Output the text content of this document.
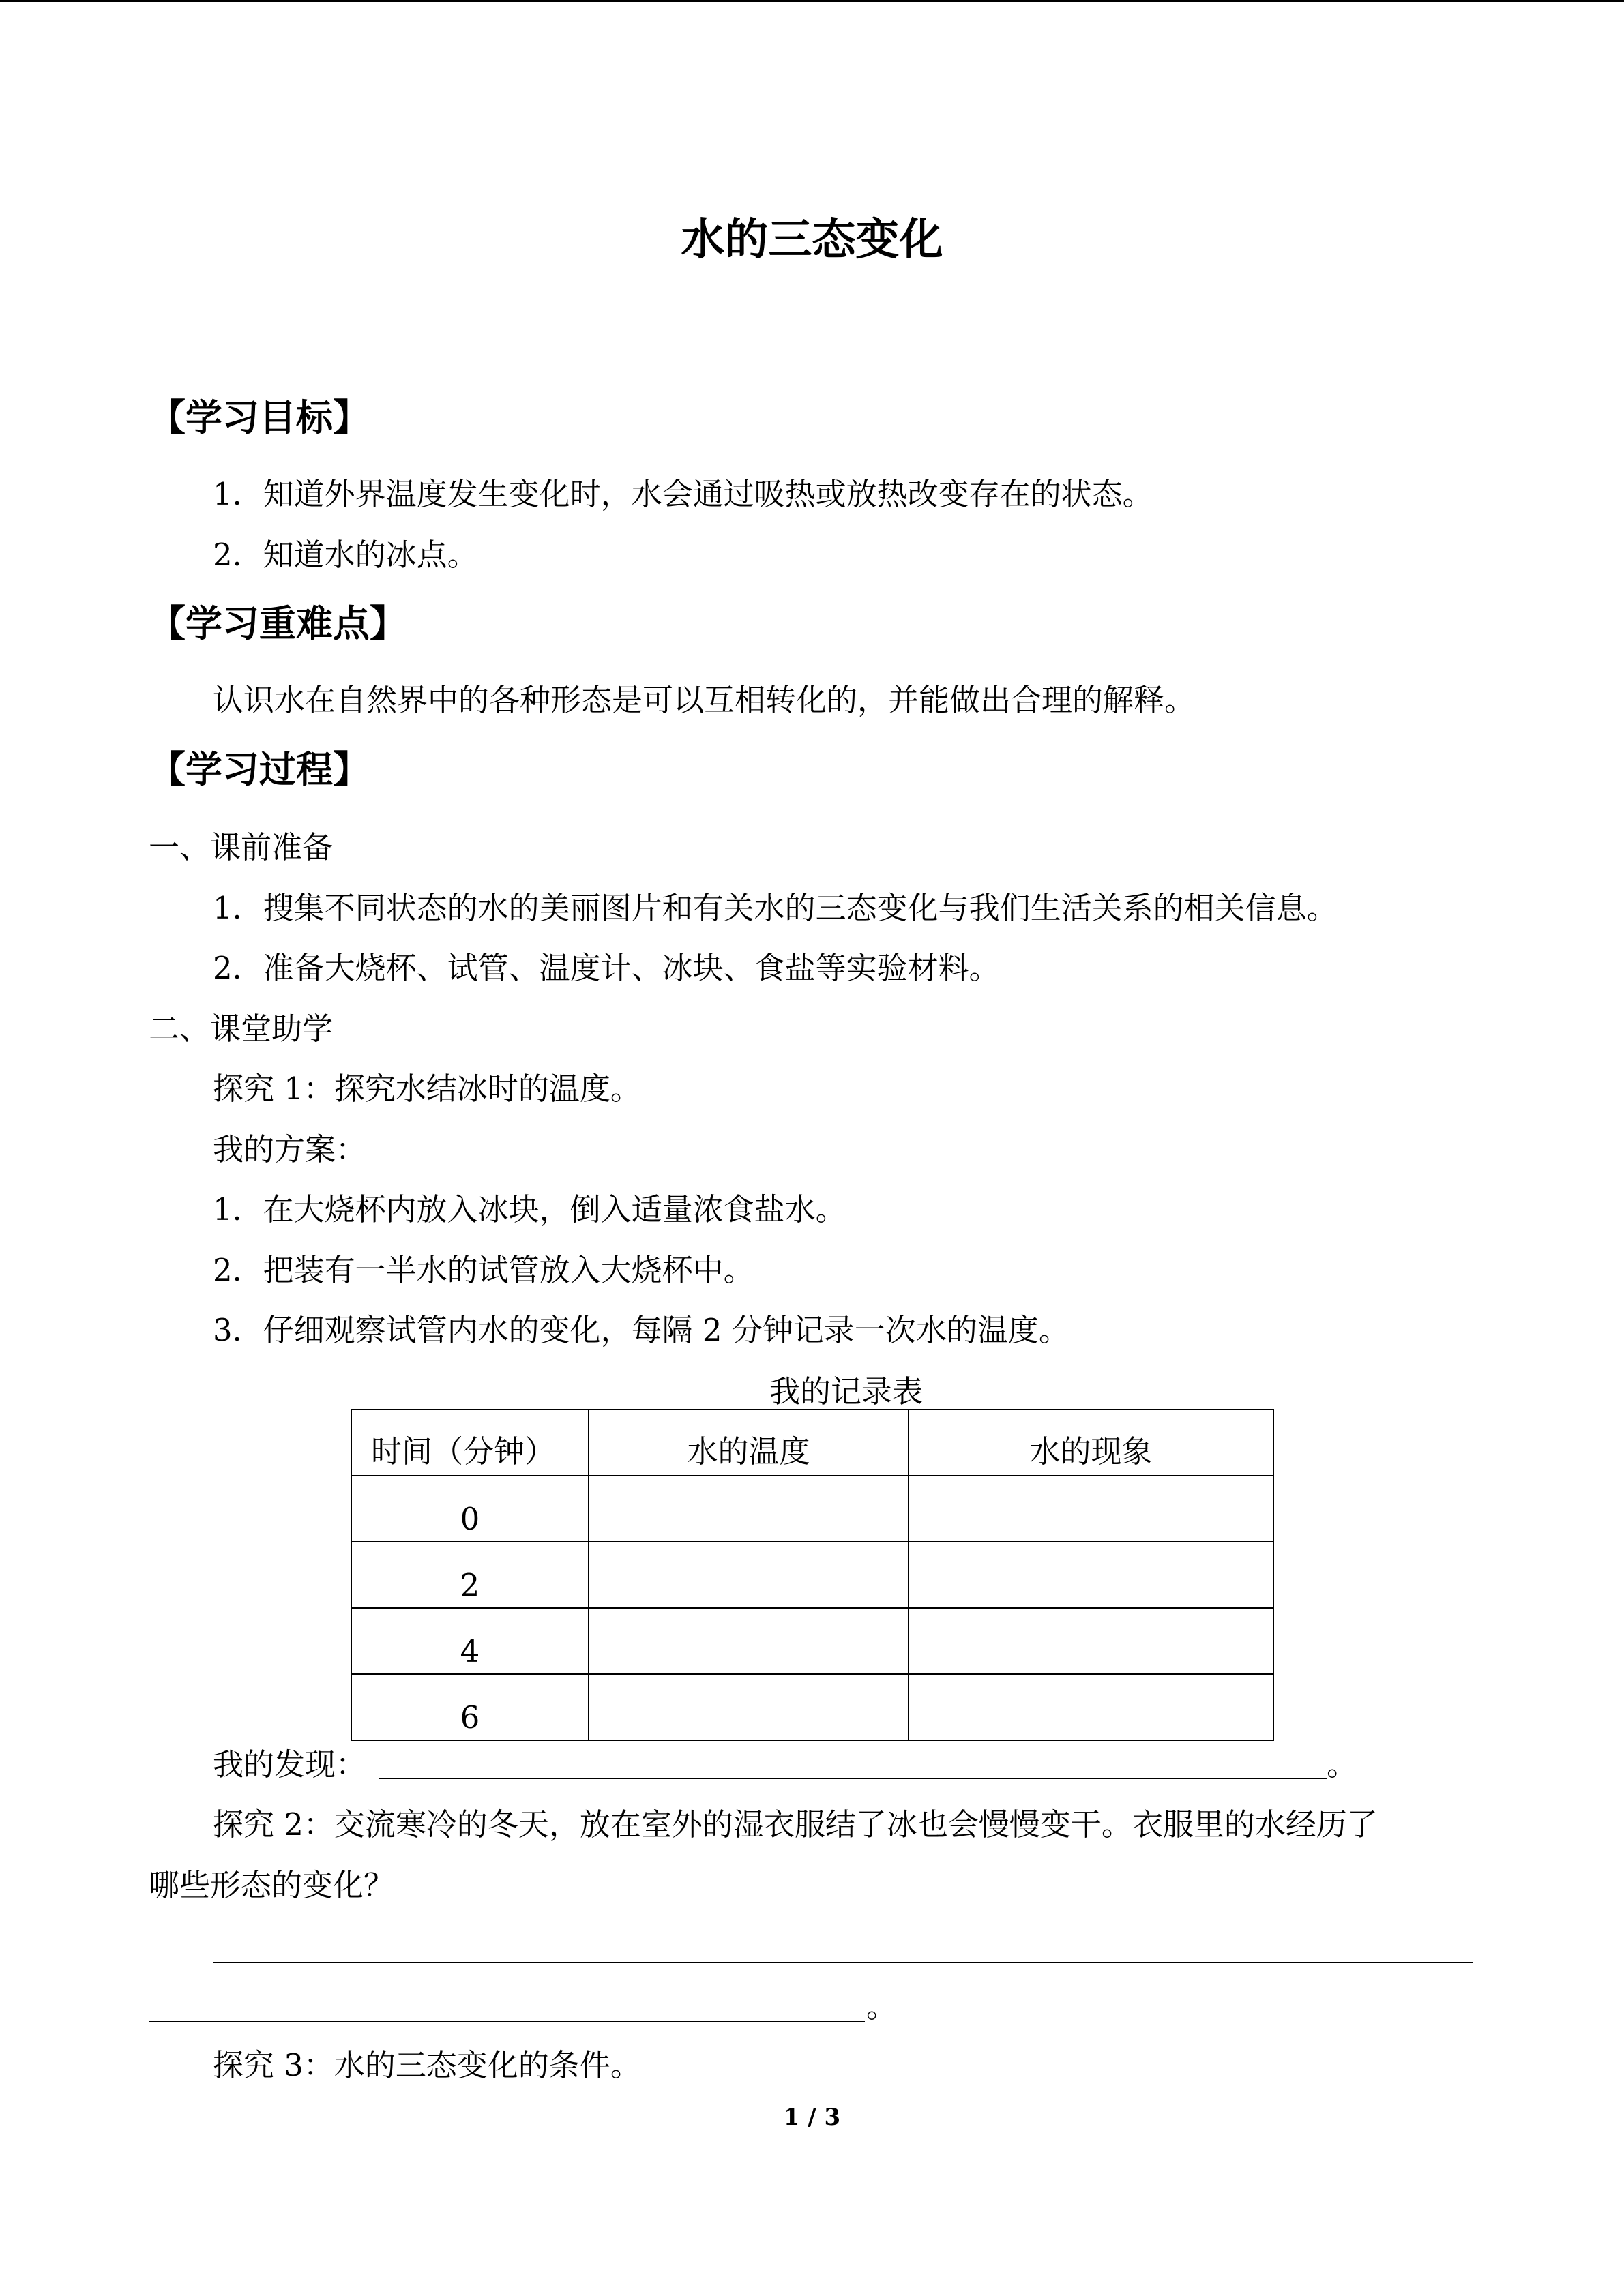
水的三态变化
【学习目标】
1．知道外界温度发生变化时，水会通过吸热或放热改变存在的状态。
2．知道水的冰点。
【学习重难点】
认识水在自然界中的各种形态是可以互相转化的，并能做出合理的解释。
【学习过程】
一、课前准备
1．搜集不同状态的水的美丽图片和有关水的三态变化与我们生活关系的相关信息。
2．准备大烧杯、试管、温度计、冰块、食盐等实验材料。
二、课堂助学
探究 1：探究水结冰时的温度。
我的方案：
1．在大烧杯内放入冰块，倒入适量浓食盐水。
2．把装有一半水的试管放入大烧杯中。
3．仔细观察试管内水的变化，每隔 2 分钟记录一次水的温度。
我的记录表
时间（分钟）	水的温度	水的现象
0		
2		
4		
6		
我的发现：	。
探究 2：交流寒冷的冬天，放在室外的湿衣服结了冰也会慢慢变干。衣服里的水经历了
哪些形态的变化？
。
探究 3：水的三态变化的条件。
1 / 3
